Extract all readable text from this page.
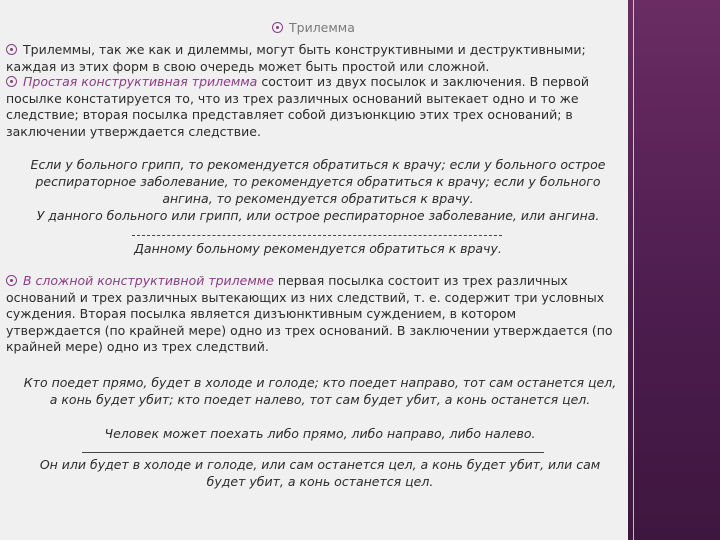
Трилемма
Трилеммы, так же как и дилеммы, могут быть конструктивными и деструктивными; каждая из этих форм в свою очередь может быть простой или сложной.
Простая конструктивная трилемма состоит из двух посылок и заключения. В первой посылке констатируется то, что из трех различных оснований вытекает одно и то же следствие; вторая посылка представляет собой дизъюнкцию этих трех оснований; в заключении утверждается следствие.
Если у больного грипп, то рекомендуется обратиться к врачу; если у больного острое респираторное заболевание, то рекомендуется обратиться к врачу; если у больного ангина, то рекомендуется обратиться к врачу.
У данного больного или грипп, или острое респираторное заболевание, или ангина.
Данному больному рекомендуется обратиться к врачу.
В сложной конструктивной трилемме первая посылка состоит из трех различных оснований и трех различных вытекающих из них следствий, т. е. содержит три условных суждения. Вторая посылка является дизъюнктивным суждением, в котором утверждается (по крайней мере) одно из трех оснований. В заключении утверждается (по крайней мере) одно из трех следствий.
Кто поедет прямо, будет в холоде и голоде; кто поедет направо, тот сам останется цел, а конь будет убит; кто поедет налево, тот сам будет убит, а конь останется цел.
Человек может поехать либо прямо, либо направо, либо налево.
Он или будет в холоде и голоде, или сам останется цел, а конь будет убит, или сам будет убит, а конь останется цел.
